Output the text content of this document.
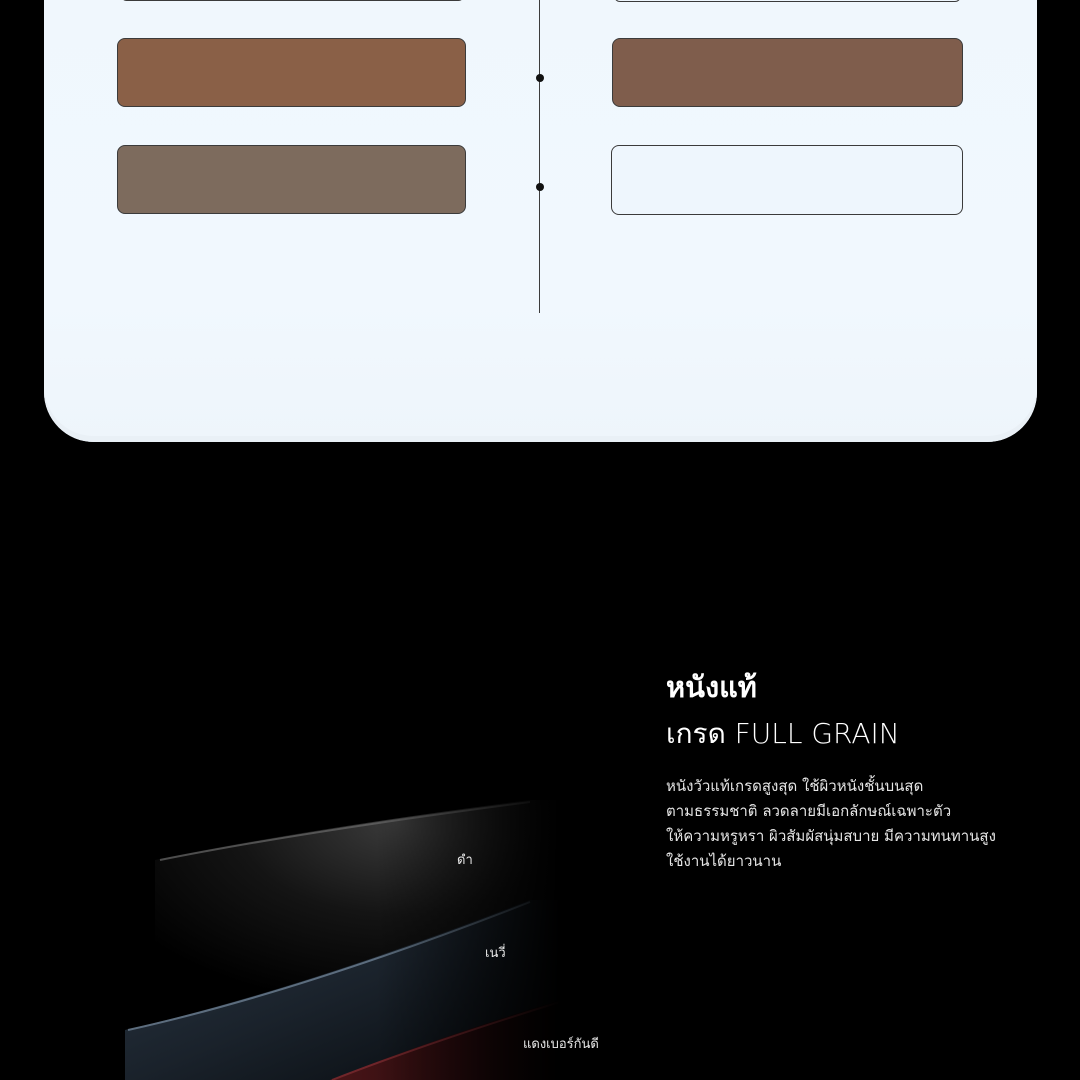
ดำ
เนวี่
แดงเบอร์กันดี
หนังแท้
เกรด FULL GRAIN
หนังวัวแท้เกรดสูงสุด ใช้ผิวหนังชั้นบนสุด
ตามธรรมชาติ ลวดลายมีเอกลักษณ์เฉพาะตัว
ให้ความหรูหรา ผิวสัมผัสนุ่มสบาย มีความทนทานสูง
ใช้งานได้ยาวนาน
